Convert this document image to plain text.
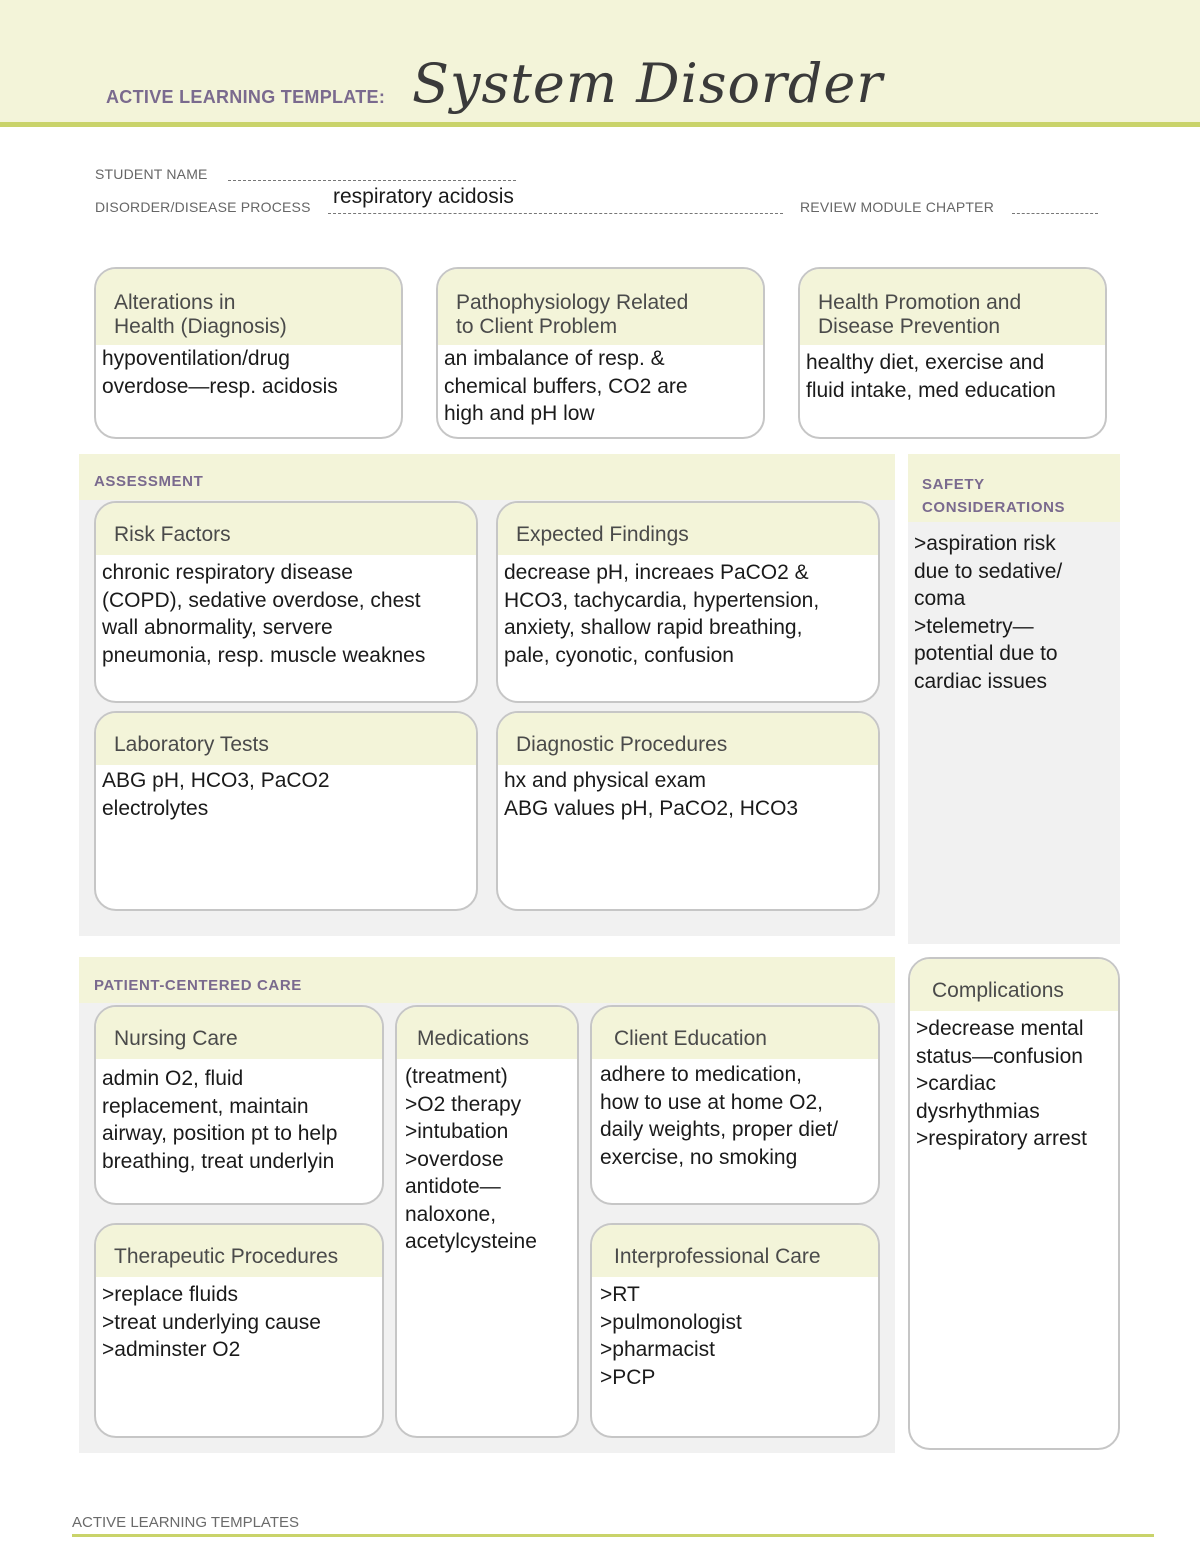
ACTIVE LEARNING TEMPLATE: System Disorder
STUDENT NAME
DISORDER/DISEASE PROCESS respiratory acidosis	REVIEW MODULE CHAPTER
Alterations in
Health (Diagnosis)
hypoventilation/drug
overdose—resp. acidosis
Pathophysiology Related
to Client Problem
an imbalance of resp. &
chemical buffers, CO2 are
high and pH low
Health Promotion and
Disease Prevention
healthy diet, exercise and
fluid intake, med education
ASSESSMENT
Risk Factors
chronic respiratory disease
(COPD), sedative overdose, chest
wall abnormality, servere
pneumonia, resp. muscle weaknes
Expected Findings
decrease pH, increaes PaCO2 &
HCO3, tachycardia, hypertension,
anxiety, shallow rapid breathing,
pale, cyonotic, confusion
Laboratory Tests
ABG pH, HCO3, PaCO2
electrolytes
Diagnostic Procedures
hx and physical exam
ABG values pH, PaCO2, HCO3
SAFETY
CONSIDERATIONS
>aspiration risk
due to sedative/
coma
>telemetry—
potential due to
cardiac issues
PATIENT-CENTERED CARE
Nursing Care
admin O2, fluid
replacement, maintain
airway, position pt to help
breathing, treat underlyin
Medications
(treatment)
>O2 therapy
>intubation
>overdose
antidote—
naloxone,
acetylcysteine
Client Education
adhere to medication,
how to use at home O2,
daily weights, proper diet/
exercise, no smoking
Therapeutic Procedures
>replace fluids
>treat underlying cause
>adminster O2
Interprofessional Care
>RT
>pulmonologist
>pharmacist
>PCP
Complications
>decrease mental
status—confusion
>cardiac
dysrhythmias
>respiratory arrest
ACTIVE LEARNING TEMPLATES
